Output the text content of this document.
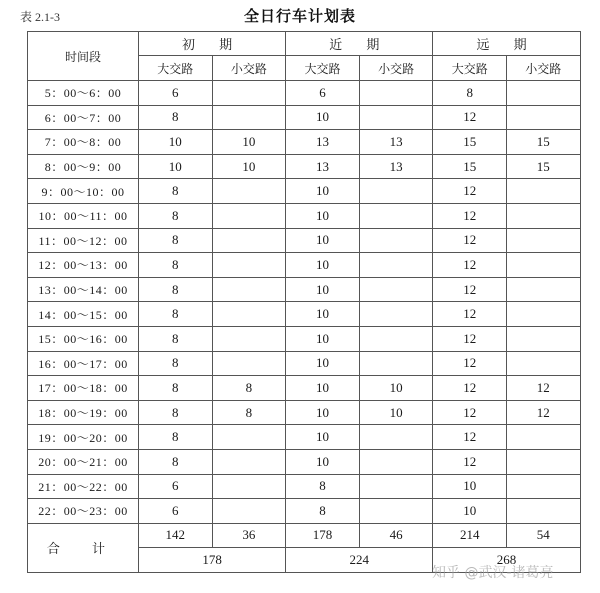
表 2.1-3	全日行车计划表
时间段	初 期		近 期		远 期	
	大交路	小交路	大交路	小交路	大交路	小交路
5：00～6：00	6		6		8	
6：00～7：00	8		10		12	
7：00～8：00	10	10	13	13	15	15
8：00～9：00	10	10	13	13	15	15
9：00～10：00	8		10		12	
10：00～11：00	8		10		12	
11：00～12：00	8		10		12	
12：00～13：00	8		10		12	
13：00～14：00	8		10		12	
14：00～15：00	8		10		12	
15：00～16：00	8		10		12	
16：00～17：00	8		10		12	
17：00～18：00	8	8	10	10	12	12
18：00～19：00	8	8	10	10	12	12
19：00～20：00	8		10		12	
20：00～21：00	8		10		12	
21：00～22：00	6		8		10	
22：00～23：00	6		8		10	
合 计	142	36	178	46	214	54
	178		224		268	
知乎 @武汉-诸葛亮
